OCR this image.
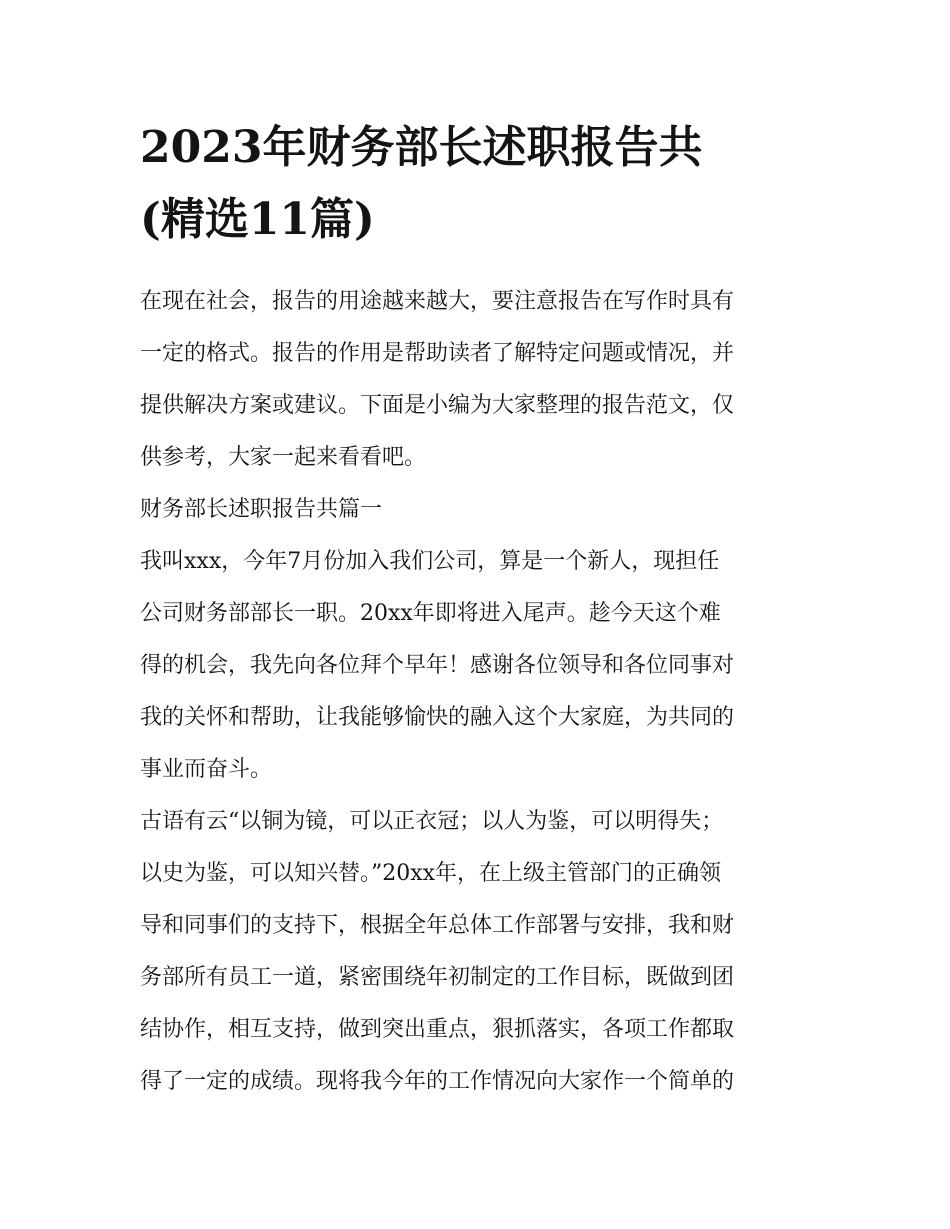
2023年财务部长述职报告共
(精选11篇)
在现在社会，报告的用途越来越大，要注意报告在写作时具有
一定的格式。报告的作用是帮助读者了解特定问题或情况，并
提供解决方案或建议。下面是小编为大家整理的报告范文，仅
供参考，大家一起来看看吧。
财务部长述职报告共篇一
我叫xxx，今年7月份加入我们公司，算是一个新人，现担任
公司财务部部长一职。20xx年即将进入尾声。趁今天这个难
得的机会，我先向各位拜个早年！感谢各位领导和各位同事对
我的关怀和帮助，让我能够愉快的融入这个大家庭，为共同的
事业而奋斗。
古语有云“以铜为镜，可以正衣冠；以人为鉴，可以明得失；
以史为鉴，可以知兴替。”20xx年，在上级主管部门的正确领
导和同事们的支持下，根据全年总体工作部署与安排，我和财
务部所有员工一道，紧密围绕年初制定的工作目标，既做到团
结协作，相互支持，做到突出重点，狠抓落实，各项工作都取
得了一定的成绩。现将我今年的工作情况向大家作一个简单的
